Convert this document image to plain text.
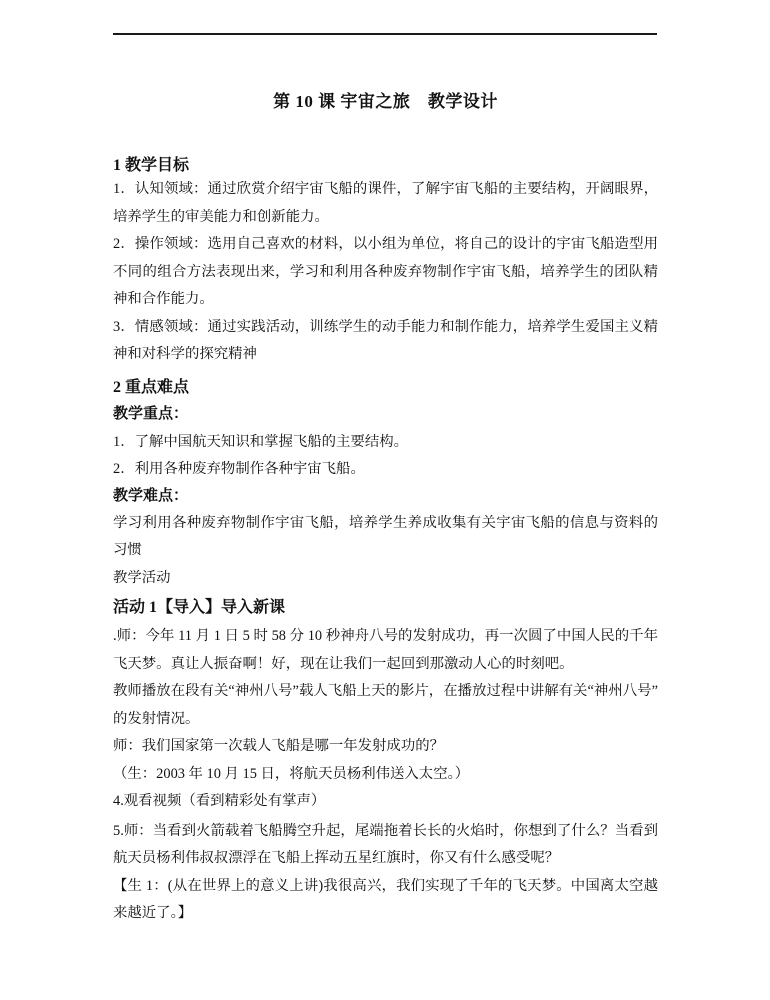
第 10 课 宇宙之旅　教学设计
1 教学目标

1．认知领域：通过欣赏介绍宇宙飞船的课件，了解宇宙飞船的主要结构，开阔眼界，培养学生的审美能力和创新能力。

2．操作领域：选用自己喜欢的材料，以小组为单位，将自己的设计的宇宙飞船造型用不同的组合方法表现出来，学习和利用各种废弃物制作宇宙飞船，培养学生的团队精神和合作能力。

3．情感领域：通过实践活动，训练学生的动手能力和制作能力，培养学生爱国主义精神和对科学的探究精神

2 重点难点
教学重点：

1．了解中国航天知识和掌握飞船的主要结构。

2．利用各种废弃物制作各种宇宙飞船。

教学难点：

学习利用各种废弃物制作宇宙飞船，培养学生养成收集有关宇宙飞船的信息与资料的习惯

教学活动

活动 1【导入】导入新课

.师：今年 11 月 1 日 5 时 58 分 10 秒神舟八号的发射成功，再一次圆了中国人民的千年飞天梦。真让人振奋啊！好，现在让我们一起回到那激动人心的时刻吧。

教师播放在段有关“神州八号”载人飞船上天的影片，在播放过程中讲解有关“神州八号”的发射情况。

师：我们国家第一次载人飞船是哪一年发射成功的？

（生：2003 年 10 月 15 日，将航天员杨利伟送入太空。）

4.观看视频（看到精彩处有掌声）

5.师：当看到火箭载着飞船腾空升起，尾端拖着长长的火焰时，你想到了什么？当看到航天员杨利伟叔叔漂浮在飞船上挥动五星红旗时，你又有什么感受呢？

【生 1：(从在世界上的意义上讲)我很高兴，我们实现了千年的飞天梦。中国离太空越来越近了。】
